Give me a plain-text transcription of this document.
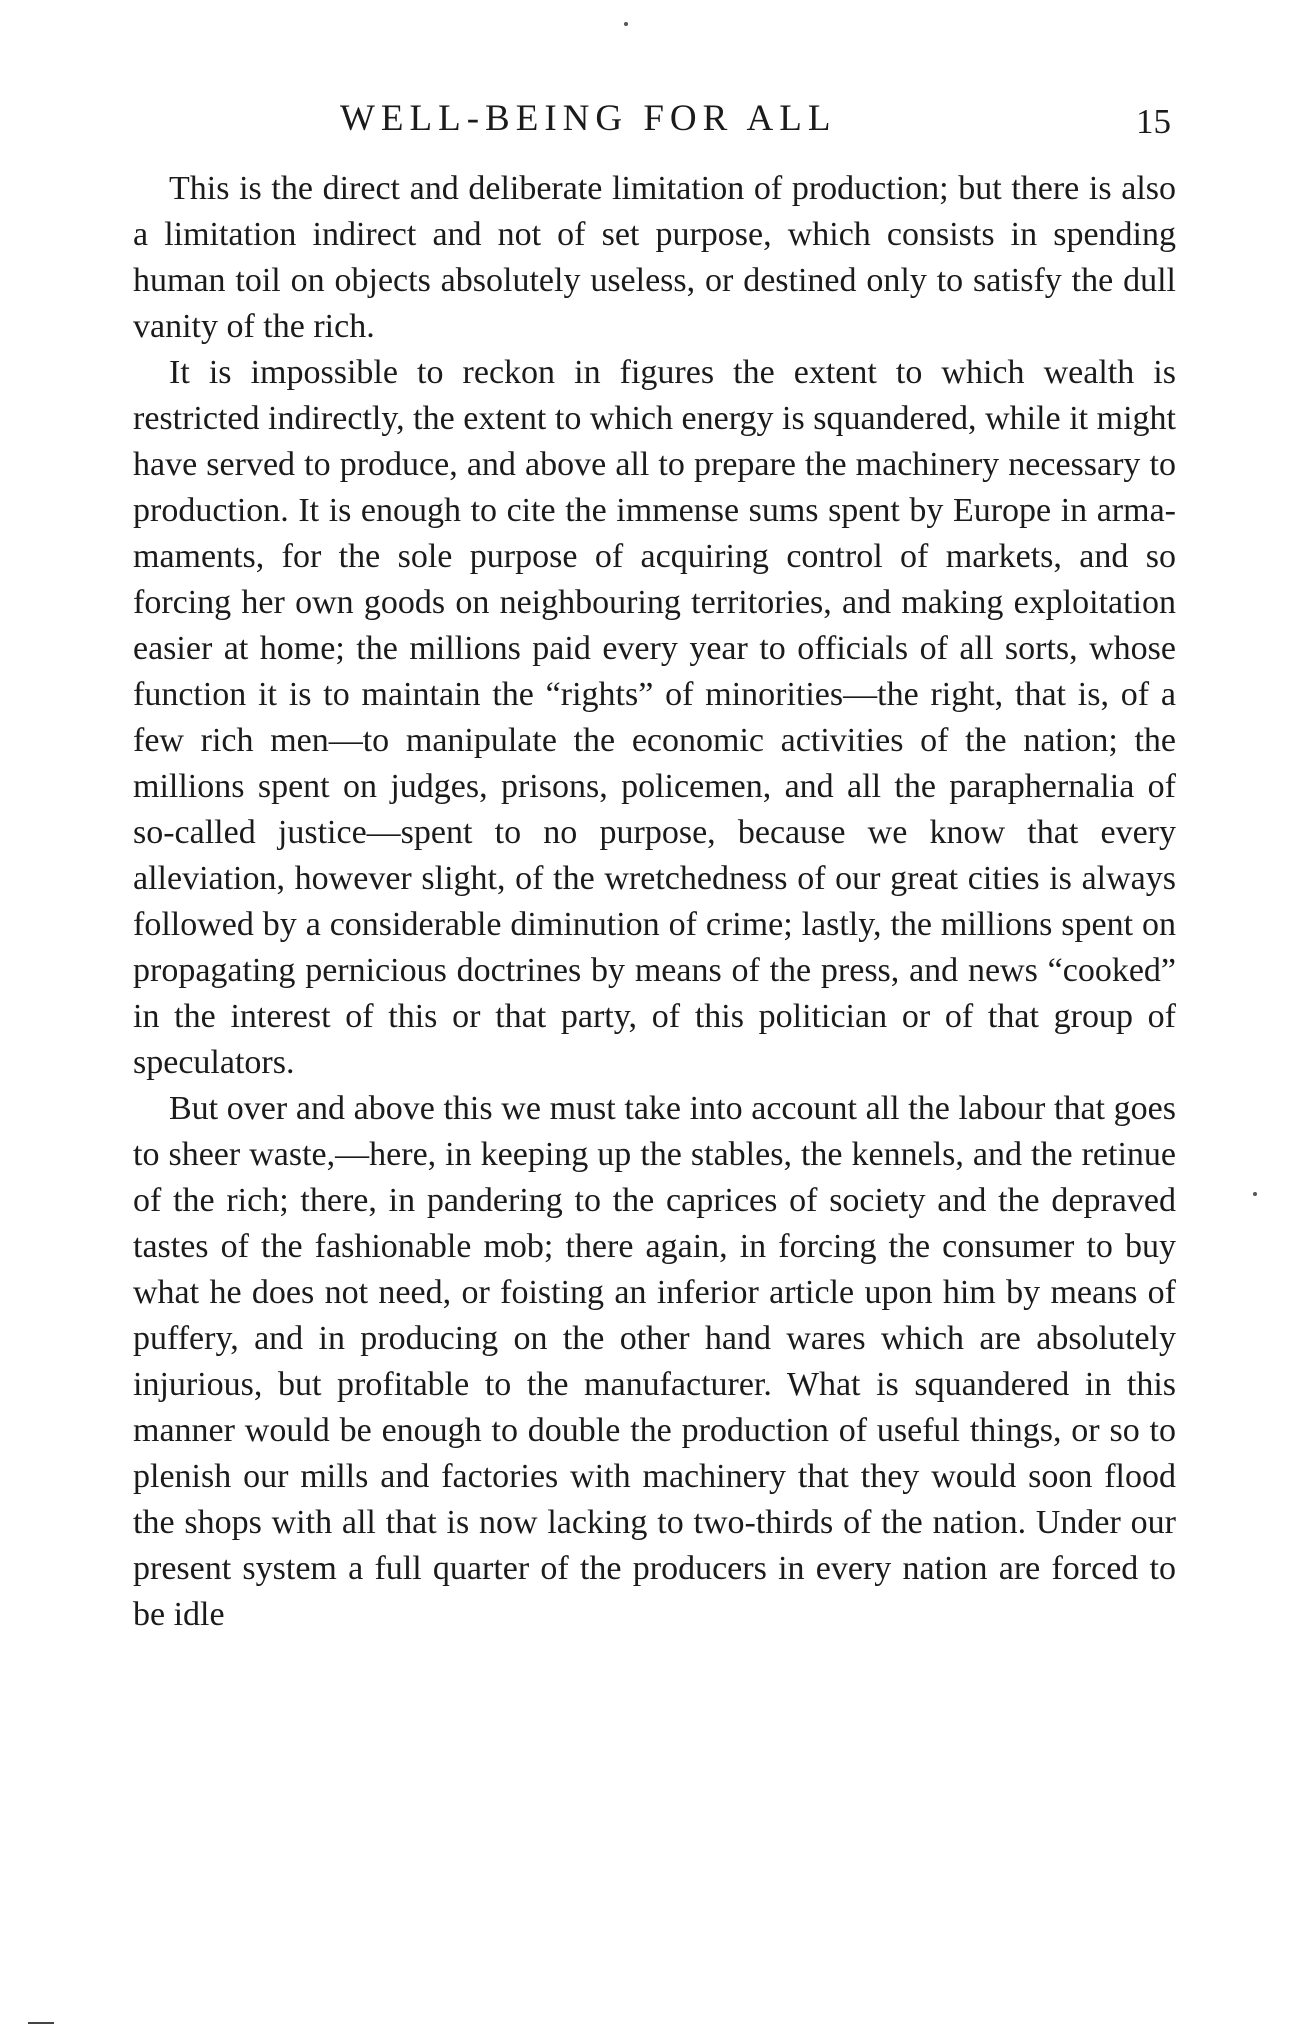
WELL-BEING FOR ALL	15

This is the direct and deliberate limitation of production; but there is also a limitation indirect and not of set purpose, which consists in spending human toil on objects absolutely useless, or destined only to satisfy the dull vanity of the rich.

It is impossible to reckon in figures the extent to which wealth is restricted indirectly, the extent to which energy is squandered, while it might have served to produce, and above all to prepare the machinery necessary to production. It is enough to cite the immense sums spent by Europe in armamaments, for the sole purpose of acquiring control of markets, and so forcing her own goods on neighbouring territories, and making exploitation easier at home; the millions paid every year to officials of all sorts, whose function it is to maintain the “rights” of minorities—the right, that is, of a few rich men—to manipulate the economic activities of the nation; the millions spent on judges, prisons, policemen, and all the paraphernalia of so-called justice—spent to no purpose, because we know that every alleviation, however slight, of the wretchedness of our great cities is always followed by a considerable diminution of crime; lastly, the millions spent on propagating pernicious doctrines by means of the press, and news “cooked” in the interest of this or that party, of this politician or of that group of speculators.

But over and above this we must take into account all the labour that goes to sheer waste,—here, in keeping up the stables, the kennels, and the retinue of the rich; there, in pandering to the caprices of society and the depraved tastes of the fashionable mob; there again, in forcing the consumer to buy what he does not need, or foisting an inferior article upon him by means of puffery, and in producing on the other hand wares which are absolutely injurious, but profitable to the manufacturer. What is squandered in this manner would be enough to double the production of useful things, or so to plenish our mills and factories with machinery that they would soon flood the shops with all that is now lacking to two-thirds of the nation. Under our present system a full quarter of the producers in every nation are forced to be idle
